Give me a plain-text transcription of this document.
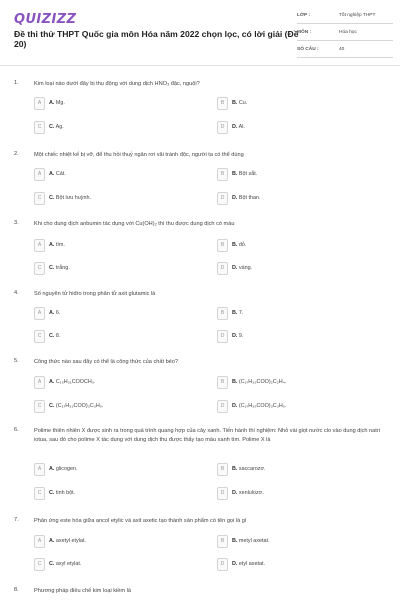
QUIZIZZ
Đề thi thử THPT Quốc gia môn Hóa năm 2022 chọn lọc, có lời giải (Đề 20)
LỚP :	Tốt nghiệp THPT
MÔN :	Hóa học
SỐ CÂU :	40
1.	Kim loại nào dưới đây bị thụ động với dung dịch HNO₃ đặc, nguội?
A	A. Mg.	B	B. Cu.
C	C. Ag.	D	D. Al.
2.	Một chiếc nhiệt kế bị vỡ, để thu hồi thuỷ ngân rơi vãi tránh độc, người ta có thể dùng
A	A. Cát.	B	B. Bột sắt.
C	C. Bột lưu huỳnh.	D	D. Bột than.
3.	Khi cho dung dịch anbumin tác dụng với Cu(OH)₂ thì thu được dung dịch có màu
A	A. tím.	B	B. đỏ.
C	C. trắng.	D	D. vàng.
4.	Số nguyên tử hiđro trong phân tử axit glutamic là
A	A. 6.	B	B. 7.
C	C. 8.	D	D. 9.
5.	Công thức nào sau đây có thể là công thức của chất béo?
A	A. C₁₅H₃₁COOCH₃.	B	B. (C₁₇H₃₃COO)₂C₂H₄.
C	C. (C₁₇H₃₃COO)₃C₃H₅.	D	D. (C₁₇H₃₅COO)₃C₃H₅.
6.	Polime thiên nhiên X được sinh ra trong quá trình quang hợp của cây xanh. Tiến hành thí nghiệm: Nhỏ vài giọt nước clo vào dung dịch natri iotua, sau đó cho polime X tác dụng với dung dịch thu được thấy tạo màu xanh tím. Polime X là
A	A. glicogen.	B	B. saccarozơ.
C	C. tinh bột.	D	D. xenlulozơ.
7.	Phản ứng este hóa giữa ancol etylic và axit axetic tạo thành sản phẩm có tên gọi là gì
A	A. axetyl etylat.	B	B. metyl axetat.
C	C. axyl etylat.	D	D. etyl axetat.
8.	Phương pháp điều chế kim loại kiềm là
